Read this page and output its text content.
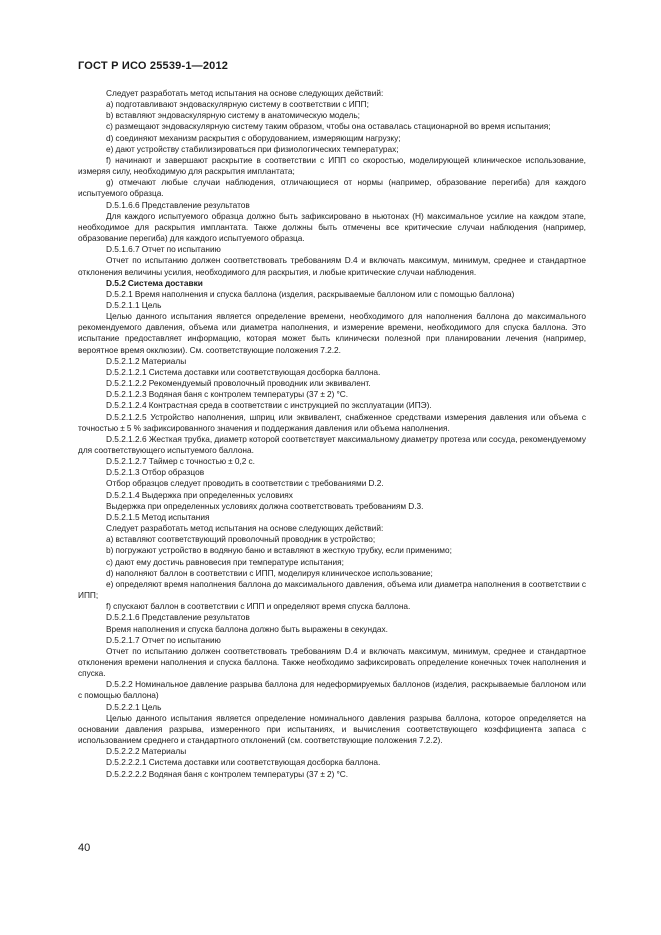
ГОСТ Р ИСО 25539-1—2012

Следует разработать метод испытания на основе следующих действий:

a) подготавливают эндоваскулярную систему в соответствии с ИПП;

b) вставляют эндоваскулярную систему в анатомическую модель;

c) размещают эндоваскулярную систему таким образом, чтобы она оставалась стационарной во время испытания;

d) соединяют механизм раскрытия с оборудованием, измеряющим нагрузку;

e) дают устройству стабилизироваться при физиологических температурах;

f) начинают и завершают раскрытие в соответствии с ИПП со скоростью, моделирующей клиническое использование, измеряя силу, необходимую для раскрытия имплантата;

g) отмечают любые случаи наблюдения, отличающиеся от нормы (например, образование перегиба) для каждого испытуемого образца.

D.5.1.6.6 Представление результатов

Для каждого испытуемого образца должно быть зафиксировано в ньютонах (Н) максимальное усилие на каждом этапе, необходимое для раскрытия имплантата. Также должны быть отмечены все критические случаи наблюдения (например, образование перегиба) для каждого испытуемого образца.

D.5.1.6.7 Отчет по испытанию

Отчет по испытанию должен соответствовать требованиям D.4 и включать максимум, минимум, среднее и стандартное отклонения величины усилия, необходимого для раскрытия, и любые критические случаи наблюдения.

D.5.2 Система доставки

D.5.2.1 Время наполнения и спуска баллона (изделия, раскрываемые баллоном или с помощью баллона)

D.5.2.1.1 Цель

Целью данного испытания является определение времени, необходимого для наполнения баллона до максимального рекомендуемого давления, объема или диаметра наполнения, и измерение времени, необходимого для спуска баллона. Это испытание предоставляет информацию, которая может быть клинически полезной при планировании лечения (например, вероятное время окклюзии). См. соответствующие положения 7.2.2.

D.5.2.1.2 Материалы

D.5.2.1.2.1 Система доставки или соответствующая досборка баллона.

D.5.2.1.2.2 Рекомендуемый проволочный проводник или эквивалент.

D.5.2.1.2.3 Водяная баня с контролем температуры (37 ± 2) °С.

D.5.2.1.2.4 Контрастная среда в соответствии с инструкцией по эксплуатации (ИПЭ).

D.5.2.1.2.5 Устройство наполнения, шприц или эквивалент, снабженное средствами измерения давления или объема с точностью ± 5 % зафиксированного значения и поддержания давления или объема наполнения.

D.5.2.1.2.6 Жесткая трубка, диаметр которой соответствует максимальному диаметру протеза или сосуда, рекомендуемому для соответствующего испытуемого баллона.

D.5.2.1.2.7 Таймер с точностью ± 0,2 с.

D.5.2.1.3 Отбор образцов

Отбор образцов следует проводить в соответствии с требованиями D.2.

D.5.2.1.4 Выдержка при определенных условиях

Выдержка при определенных условиях должна соответствовать требованиям D.3.

D.5.2.1.5 Метод испытания

Следует разработать метод испытания на основе следующих действий:

a) вставляют соответствующий проволочный проводник в устройство;

b) погружают устройство в водяную баню и вставляют в жесткую трубку, если применимо;

c) дают ему достичь равновесия при температуре испытания;

d) наполняют баллон в соответствии с ИПП, моделируя клиническое использование;

e) определяют время наполнения баллона до максимального давления, объема или диаметра наполнения в соответствии с ИПП;

f) спускают баллон в соответствии с ИПП и определяют время спуска баллона.

D.5.2.1.6 Представление результатов

Время наполнения и спуска баллона должно быть выражены в секундах.

D.5.2.1.7 Отчет по испытанию

Отчет по испытанию должен соответствовать требованиям D.4 и включать максимум, минимум, среднее и стандартное отклонения времени наполнения и спуска баллона. Также необходимо зафиксировать определение конечных точек наполнения и спуска.

D.5.2.2 Номинальное давление разрыва баллона для недеформируемых баллонов (изделия, раскрываемые баллоном или с помощью баллона)

D.5.2.2.1 Цель

Целью данного испытания является определение номинального давления разрыва баллона, которое определяется на основании давления разрыва, измеренного при испытаниях, и вычисления соответствующего коэффициента запаса с использованием среднего и стандартного отклонений (см. соответствующие положения 7.2.2).

D.5.2.2.2 Материалы

D.5.2.2.2.1 Система доставки или соответствующая досборка баллона.

D.5.2.2.2.2 Водяная баня с контролем температуры (37 ± 2) °С.

40
